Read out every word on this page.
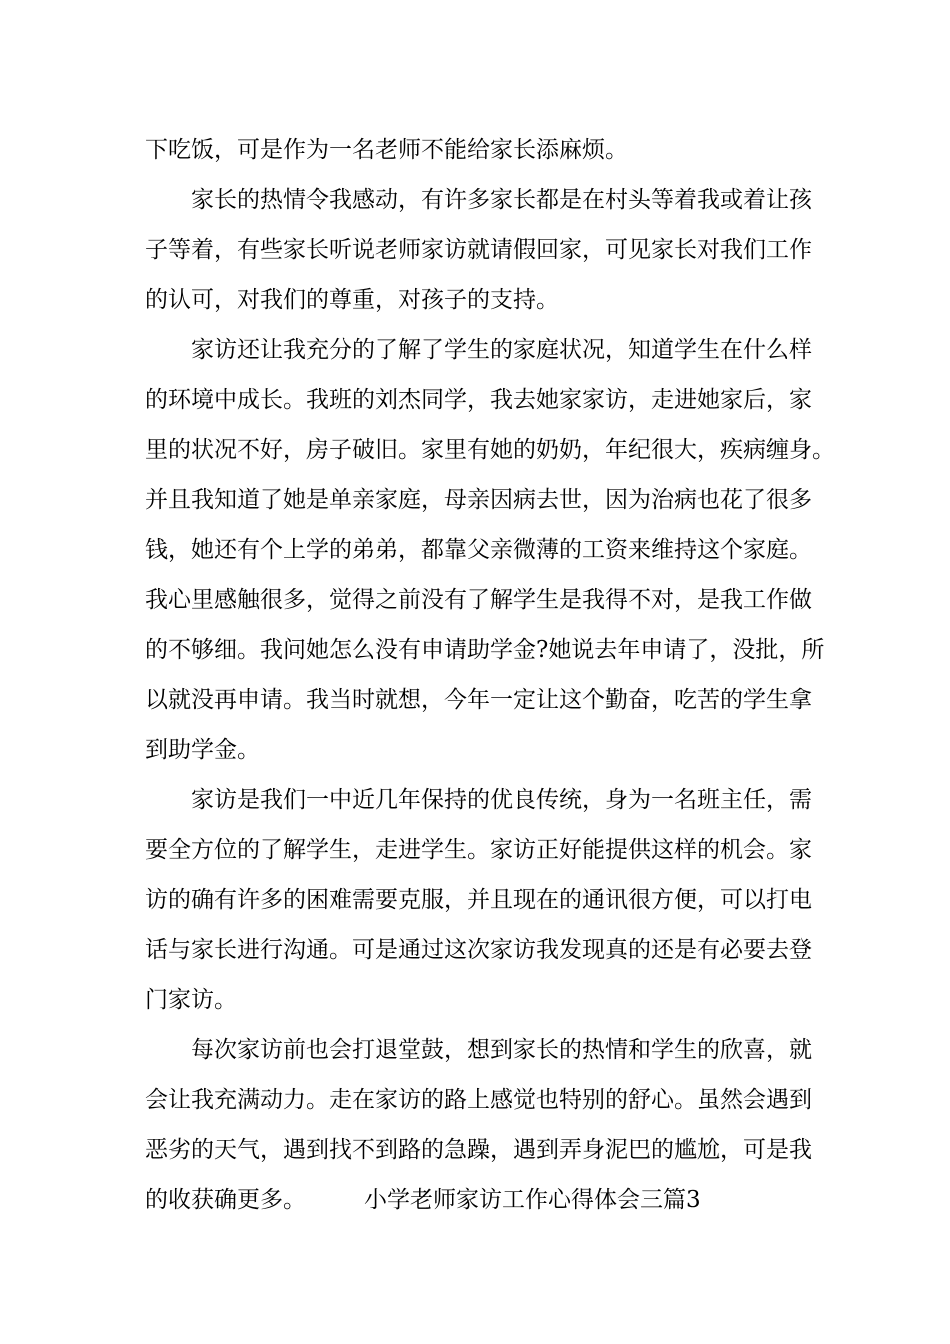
下吃饭，可是作为一名老师不能给家长添麻烦。
家长的热情令我感动，有许多家长都是在村头等着我或着让孩
子等着，有些家长听说老师家访就请假回家，可见家长对我们工作
的认可，对我们的尊重，对孩子的支持。
家访还让我充分的了解了学生的家庭状况，知道学生在什么样
的环境中成长。我班的刘杰同学，我去她家家访，走进她家后，家
里的状况不好，房子破旧。家里有她的奶奶，年纪很大，疾病缠身。
并且我知道了她是单亲家庭，母亲因病去世，因为治病也花了很多
钱，她还有个上学的弟弟，都靠父亲微薄的工资来维持这个家庭。
我心里感触很多，觉得之前没有了解学生是我得不对，是我工作做
的不够细。我问她怎么没有申请助学金?她说去年申请了，没批，所
以就没再申请。我当时就想，今年一定让这个勤奋，吃苦的学生拿
到助学金。
家访是我们一中近几年保持的优良传统，身为一名班主任，需
要全方位的了解学生，走进学生。家访正好能提供这样的机会。家
访的确有许多的困难需要克服，并且现在的通讯很方便，可以打电
话与家长进行沟通。可是通过这次家访我发现真的还是有必要去登
门家访。
每次家访前也会打退堂鼓，想到家长的热情和学生的欣喜，就
会让我充满动力。走在家访的路上感觉也特别的舒心。虽然会遇到
恶劣的天气，遇到找不到路的急躁，遇到弄身泥巴的尴尬，可是我
的收获确更多。	小学老师家访工作心得体会三篇3
